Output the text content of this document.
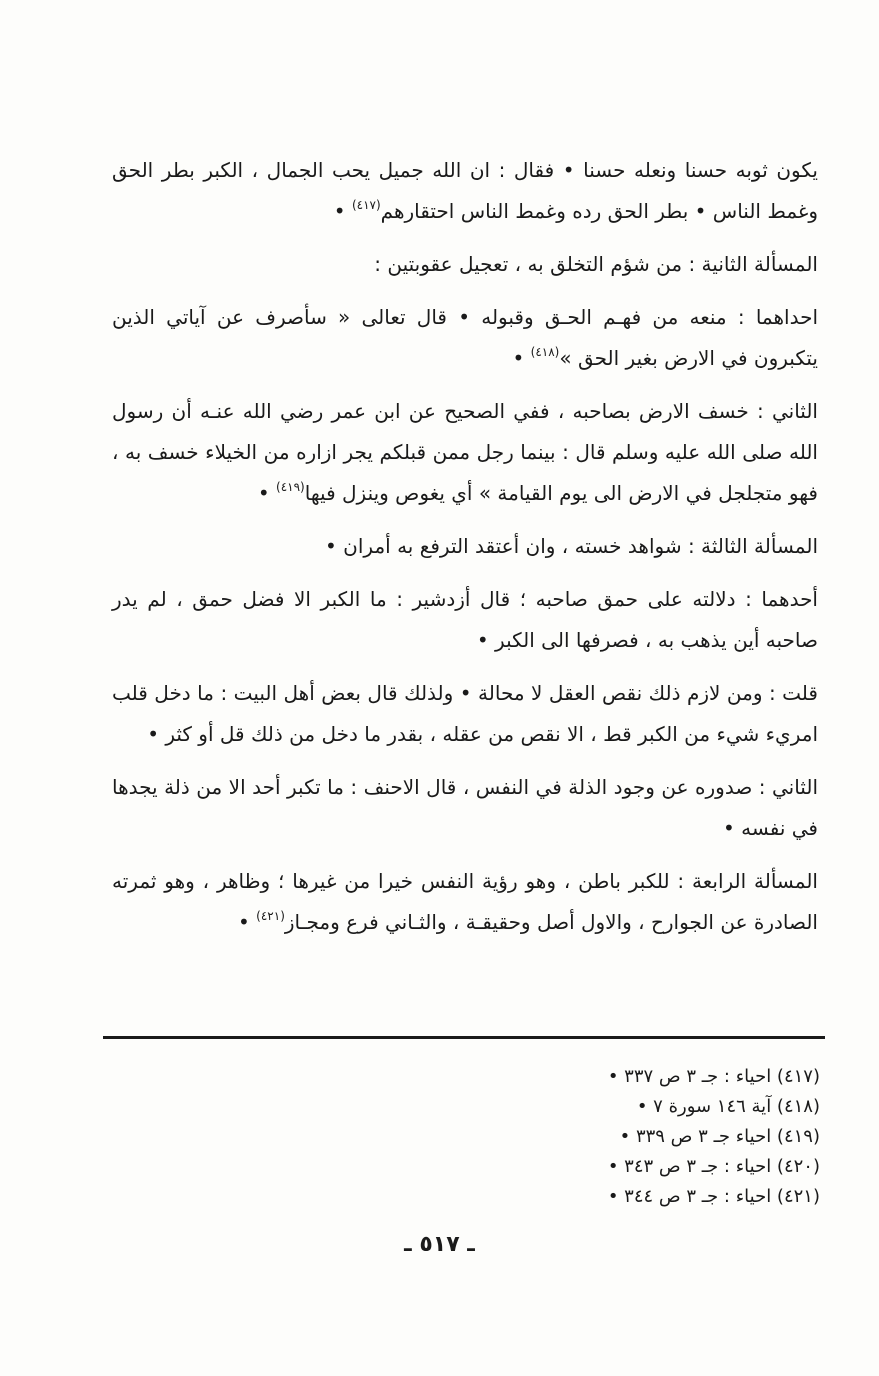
يكون ثوبه حسنا ونعله حسنا • فقال : ان الله جميل يحب الجمال ، الكبر بطر الحق وغمط الناس • بطر الحق رده وغمط الناس احتقارهم$^{(٤١٧)}$ •

المسألة الثانية : من شؤم التخلق به ، تعجيل عقوبتين :

احداهما : منعه من فهـم الحـق وقبوله • قال تعالى « سأصرف عن آياتي الذين يتكبرون في الارض بغير الحق »$^{(٤١٨)}$ •

الثاني : خسف الارض بصاحبه ، ففي الصحيح عن ابن عمر رضي الله عنـه أن رسول الله صلى الله عليه وسلم قال : بينما رجل ممن قبلكم يجر ازاره من الخيلاء خسف به ، فهو متجلجل في الارض الى يوم القيامة » أي يغوص وينزل فيها$^{(٤١٩)}$ •

المسألة الثالثة : شواهد خسته ، وان أعتقد الترفع به أمران •

أحدهما : دلالته على حمق صاحبه ؛ قال أزدشير : ما الكبر الا فضل حمق ، لم يدر صاحبه أين يذهب به ، فصرفها الى الكبر •

قلت : ومن لازم ذلك نقص العقل لا محالة • ولذلك قال بعض أهل البيت : ما دخل قلب امريء شيء من الكبر قط ، الا نقص من عقله ، بقدر ما دخل من ذلك قل أو كثر •

الثاني : صدوره عن وجود الذلة في النفس ، قال الاحنف : ما تكبر أحد الا من ذلة يجدها في نفسه •

المسألة الرابعة : للكبر باطن ، وهو رؤية النفس خيرا من غيرها ؛ وظاهر ، وهو ثمرته الصادرة عن الجوارح ، والاول أصل وحقيقـة ، والثـاني فرع ومجـاز$^{(٤٢١)}$ •

(٤١٧) احياء : جـ ٣ ص ٣٣٧ •
(٤١٨) آية ١٤٦ سورة ٧ •
(٤١٩) احياء جـ ٣ ص ٣٣٩ •
(٤٢٠) احياء : جـ ٣ ص ٣٤٣ •
(٤٢١) احياء : جـ ٣ ص ٣٤٤ •
ـ ٥١٧ ـ
